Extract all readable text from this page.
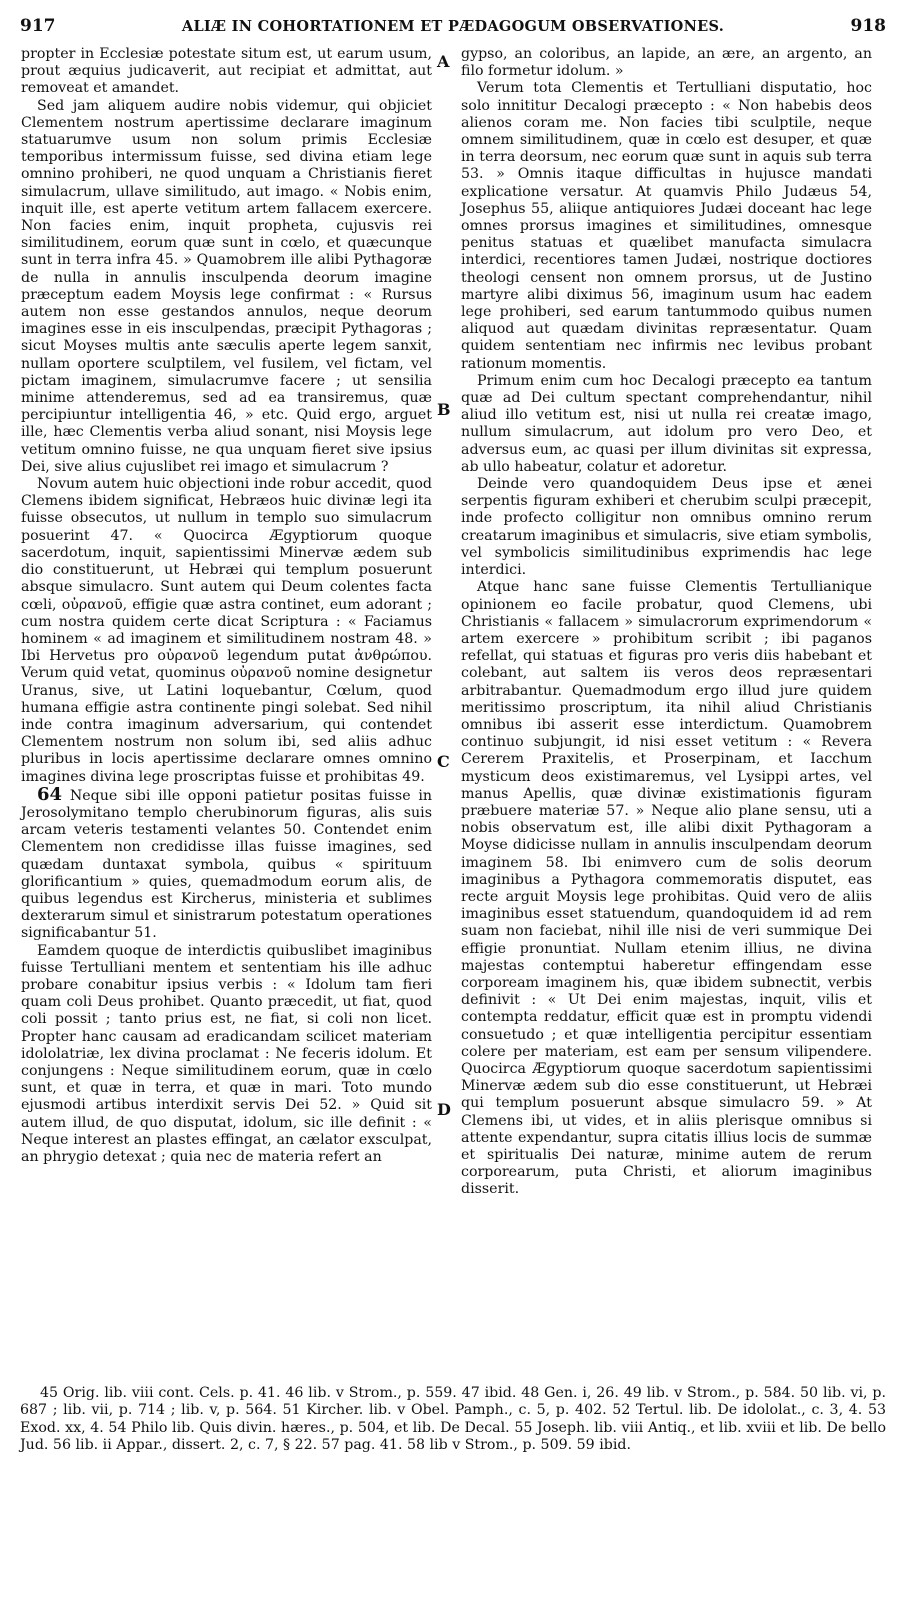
917	ALIÆ IN COHORTATIONEM ET PÆDAGOGUM OBSERVATIONES.	918

propter in Ecclesiæ potestate situm est, ut earum usum, prout æquius judicaverit, aut recipiat et admittat, aut removeat et amandet.

Sed jam aliquem audire nobis videmur, qui objiciet Clementem nostrum apertissime declarare imaginum statuarumve usum non solum primis Ecclesiæ temporibus intermissum fuisse, sed divina etiam lege omnino prohiberi, ne quod unquam a Christianis fieret simulacrum, ullave similitudo, aut imago. « Nobis enim, inquit ille, est aperte vetitum artem fallacem exercere. Non facies enim, inquit propheta, cujusvis rei similitudinem, eorum quæ sunt in cœlo, et quæcunque sunt in terra infra 45. » Quamobrem ille alibi Pythagoræ de nulla in annulis insculpenda deorum imagine præceptum eadem Moysis lege confirmat : « Rursus autem non esse gestandos annulos, neque deorum imagines esse in eis insculpendas, præcipit Pythagoras ; sicut Moyses multis ante sæculis aperte legem sanxit, nullam oportere sculptilem, vel fusilem, vel fictam, vel pictam imaginem, simulacrumve facere ; ut sensilia minime attenderemus, sed ad ea transiremus, quæ percipiuntur intelligentia 46, » etc. Quid ergo, arguet ille, hæc Clementis verba aliud sonant, nisi Moysis lege vetitum omnino fuisse, ne qua unquam fieret sive ipsius Dei, sive alius cujuslibet rei imago et simulacrum ?

Novum autem huic objectioni inde robur accedit, quod Clemens ibidem significat, Hebræos huic divinæ legi ita fuisse obsecutos, ut nullum in templo suo simulacrum posuerint 47. « Quocirca Ægyptiorum quoque sacerdotum, inquit, sapientissimi Minervæ ædem sub dio constituerunt, ut Hebræi qui templum posuerunt absque simulacro. Sunt autem qui Deum colentes facta cœli, οὐρανοῦ, effigie quæ astra continet, eum adorant ; cum nostra quidem certe dicat Scriptura : « Faciamus hominem « ad imaginem et similitudinem nostram 48. » Ibi Hervetus pro οὐρανοῦ legendum putat ἀνθρώπου. Verum quid vetat, quominus οὐρανοῦ nomine designetur Uranus, sive, ut Latini loquebantur, Cœlum, quod humana effigie astra continente pingi solebat. Sed nihil inde contra imaginum adversarium, qui contendet Clementem nostrum non solum ibi, sed aliis adhuc pluribus in locis apertissime declarare omnes omnino imagines divina lege proscriptas fuisse et prohibitas 49.

64 Neque sibi ille opponi patietur positas fuisse in Jerosolymitano templo cherubinorum figuras, alis suis arcam veteris testamenti velantes 50. Contendet enim Clementem non credidisse illas fuisse imagines, sed quædam duntaxat symbola, quibus « spirituum glorificantium » quies, quemadmodum eorum alis, de quibus legendus est Kircherus, ministeria et sublimes dexterarum simul et sinistrarum potestatum operationes significabantur 51.

Eamdem quoque de interdictis quibuslibet imaginibus fuisse Tertulliani mentem et sententiam his ille adhuc probare conabitur ipsius verbis : « Idolum tam fieri quam coli Deus prohibet. Quanto præcedit, ut fiat, quod coli possit ; tanto prius est, ne fiat, si coli non licet. Propter hanc causam ad eradicandam scilicet materiam idololatriæ, lex divina proclamat : Ne feceris idolum. Et conjungens : Neque similitudinem eorum, quæ in cœlo sunt, et quæ in terra, et quæ in mari. Toto mundo ejusmodi artibus interdixit servis Dei 52. » Quid sit autem illud, de quo disputat, idolum, sic ille definit : « Neque interest an plastes effingat, an cælator exsculpat, an phrygio detexat ; quia nec de materia refert an

gypso, an coloribus, an lapide, an ære, an argento, an filo formetur idolum. »

Verum tota Clementis et Tertulliani disputatio, hoc solo innititur Decalogi præcepto : « Non habebis deos alienos coram me. Non facies tibi sculptile, neque omnem similitudinem, quæ in cœlo est desuper, et quæ in terra deorsum, nec eorum quæ sunt in aquis sub terra 53. » Omnis itaque difficultas in hujusce mandati explicatione versatur. At quamvis Philo Judæus 54, Josephus 55, aliique antiquiores Judæi doceant hac lege omnes prorsus imagines et similitudines, omnesque penitus statuas et quælibet manufacta simulacra interdici, recentiores tamen Judæi, nostrique doctiores theologi censent non omnem prorsus, ut de Justino martyre alibi diximus 56, imaginum usum hac eadem lege prohiberi, sed earum tantummodo quibus numen aliquod aut quædam divinitas repræsentatur. Quam quidem sententiam nec infirmis nec levibus probant rationum momentis.

Primum enim cum hoc Decalogi præcepto ea tantum quæ ad Dei cultum spectant comprehendantur, nihil aliud illo vetitum est, nisi ut nulla rei creatæ imago, nullum simulacrum, aut idolum pro vero Deo, et adversus eum, ac quasi per illum divinitas sit expressa, ab ullo habeatur, colatur et adoretur.

Deinde vero quandoquidem Deus ipse et ænei serpentis figuram exhiberi et cherubim sculpi præcepit, inde profecto colligitur non omnibus omnino rerum creatarum imaginibus et simulacris, sive etiam symbolis, vel symbolicis similitudinibus exprimendis hac lege interdici.

Atque hanc sane fuisse Clementis Tertullianique opinionem eo facile probatur, quod Clemens, ubi Christianis « fallacem » simulacrorum exprimendorum « artem exercere » prohibitum scribit ; ibi paganos refellat, qui statuas et figuras pro veris diis habebant et colebant, aut saltem iis veros deos repræsentari arbitrabantur. Quemadmodum ergo illud jure quidem meritissimo proscriptum, ita nihil aliud Christianis omnibus ibi asserit esse interdictum. Quamobrem continuo subjungit, id nisi esset vetitum : « Revera Cererem Praxitelis, et Proserpinam, et Iacchum mysticum deos existimaremus, vel Lysippi artes, vel manus Apellis, quæ divinæ existimationis figuram præbuere materiæ 57. » Neque alio plane sensu, uti a nobis observatum est, ille alibi dixit Pythagoram a Moyse didicisse nullam in annulis insculpendam deorum imaginem 58. Ibi enimvero cum de solis deorum imaginibus a Pythagora commemoratis disputet, eas recte arguit Moysis lege prohibitas. Quid vero de aliis imaginibus esset statuendum, quandoquidem id ad rem suam non faciebat, nihil ille nisi de veri summique Dei effigie pronuntiat. Nullam etenim illius, ne divina majestas contemptui haberetur effingendam esse corpoream imaginem his, quæ ibidem subnectit, verbis definivit : « Ut Dei enim majestas, inquit, vilis et contempta reddatur, efficit quæ est in promptu videndi consuetudo ; et quæ intelligentia percipitur essentiam colere per materiam, est eam per sensum vilipendere. Quocirca Ægyptiorum quoque sacerdotum sapientissimi Minervæ ædem sub dio esse constituerunt, ut Hebræi qui templum posuerunt absque simulacro 59. » At Clemens ibi, ut vides, et in aliis plerisque omnibus si attente expendantur, supra citatis illius locis de summæ et spiritualis Dei naturæ, minime autem de rerum corporearum, puta Christi, et aliorum imaginibus disserit.

A
B
C
D

45 Orig. lib. viii cont. Cels. p. 41. 46 lib. v Strom., p. 559. 47 ibid. 48 Gen. i, 26. 49 lib. v Strom., p. 584. 50 lib. vi, p. 687 ; lib. vii, p. 714 ; lib. v, p. 564. 51 Kircher. lib. v Obel. Pamph., c. 5, p. 402. 52 Tertul. lib. De idololat., c. 3, 4. 53 Exod. xx, 4. 54 Philo lib. Quis divin. hæres., p. 504, et lib. De Decal. 55 Joseph. lib. viii Antiq., et lib. xviii et lib. De bello Jud. 56 lib. ii Appar., dissert. 2, c. 7, § 22. 57 pag. 41. 58 lib v Strom., p. 509. 59 ibid.
